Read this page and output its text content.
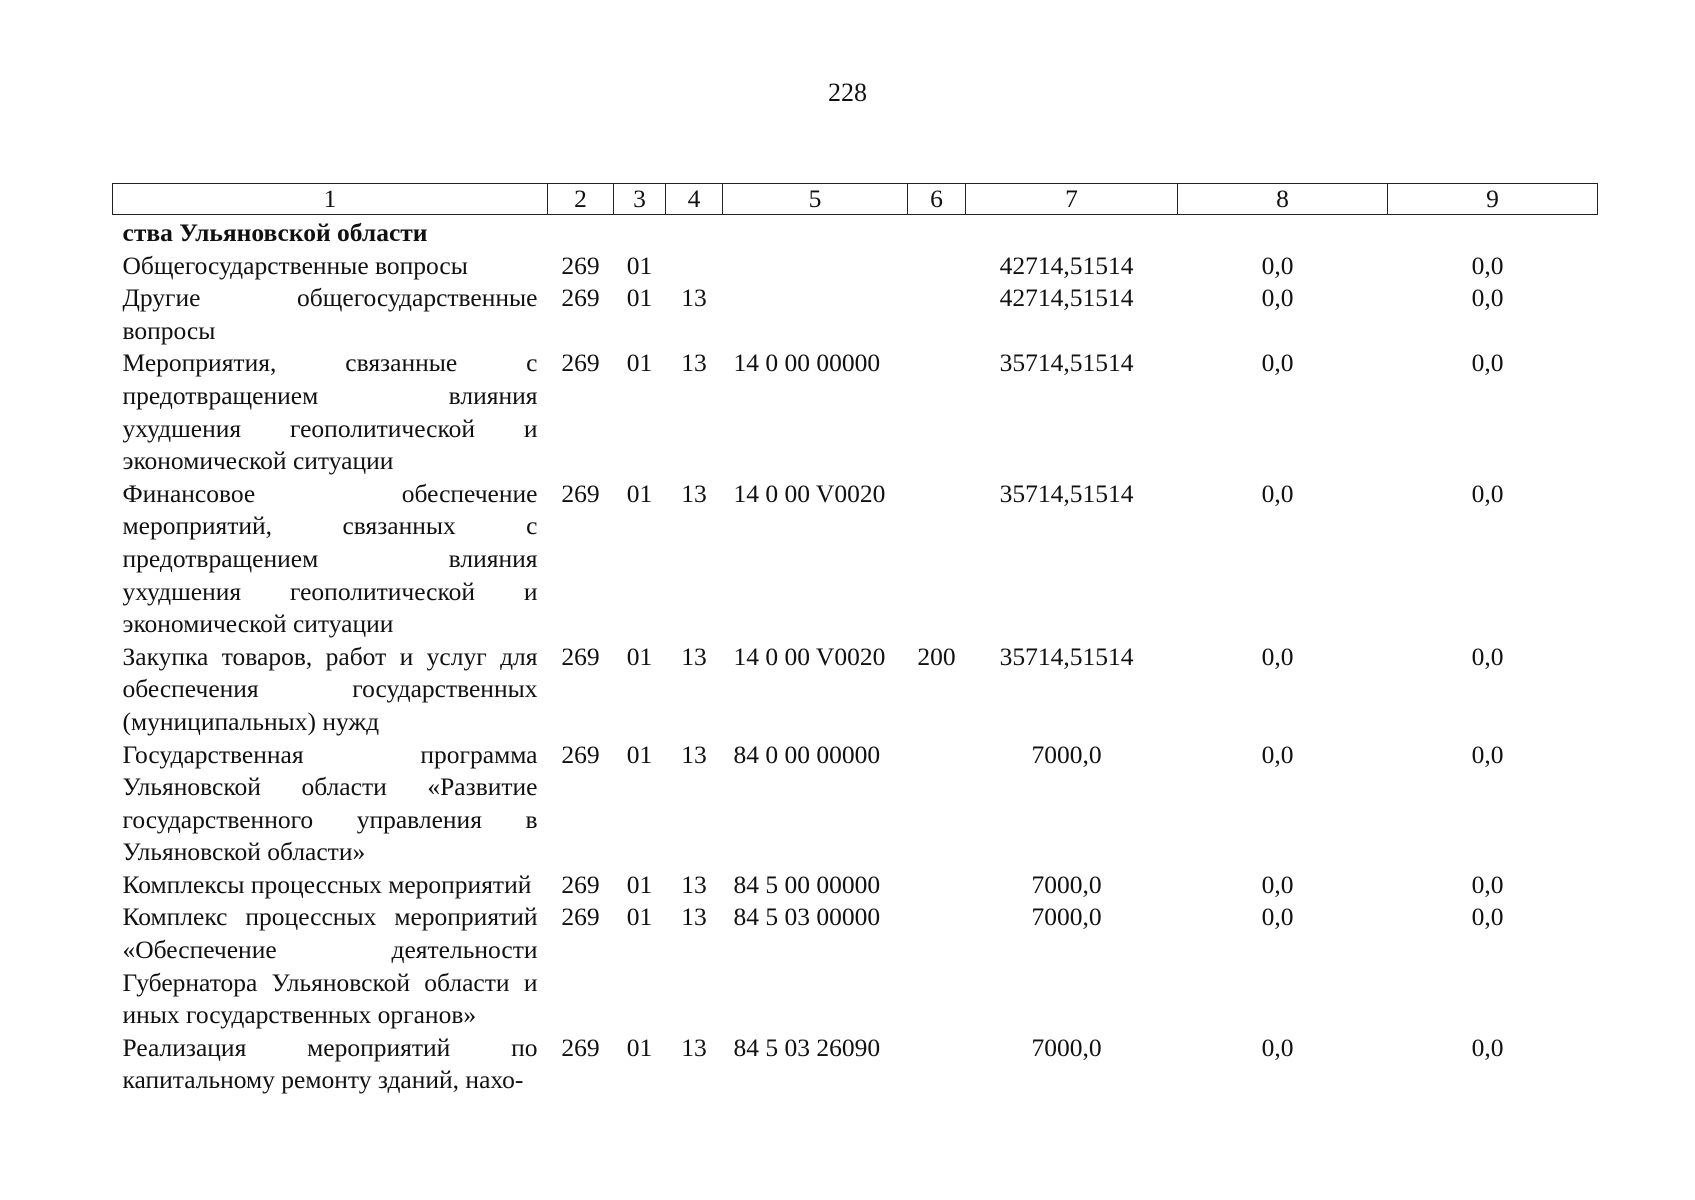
228
1	2	3	4	5	6	7	8	9
ства Ульяновской области								
Общегосударственные вопросы	269	01				42714,51514	0,0	0,0
Другие общегосударственные вопросы	269	01	13			42714,51514	0,0	0,0
Мероприятия, связанные с предотвращением влияния ухудшения геополитической и экономической ситуации	269	01	13	14 0 00 00000		35714,51514	0,0	0,0
Финансовое обеспечение мероприятий, связанных с предотвращением влияния ухудшения геополитической и экономической ситуации	269	01	13	14 0 00 V0020		35714,51514	0,0	0,0
Закупка товаров, работ и услуг для обеспечения государственных (муниципальных) нужд	269	01	13	14 0 00 V0020	200	35714,51514	0,0	0,0
Государственная программа Ульяновской области «Развитие государственного управления в Ульяновской области»	269	01	13	84 0 00 00000		7000,0	0,0	0,0
Комплексы процессных мероприятий	269	01	13	84 5 00 00000		7000,0	0,0	0,0
Комплекс процессных мероприятий «Обеспечение деятельности Губернатора Ульяновской области и иных государственных органов»	269	01	13	84 5 03 00000		7000,0	0,0	0,0
Реализация мероприятий по капитальному ремонту зданий, нахо-	269	01	13	84 5 03 26090		7000,0	0,0	0,0
